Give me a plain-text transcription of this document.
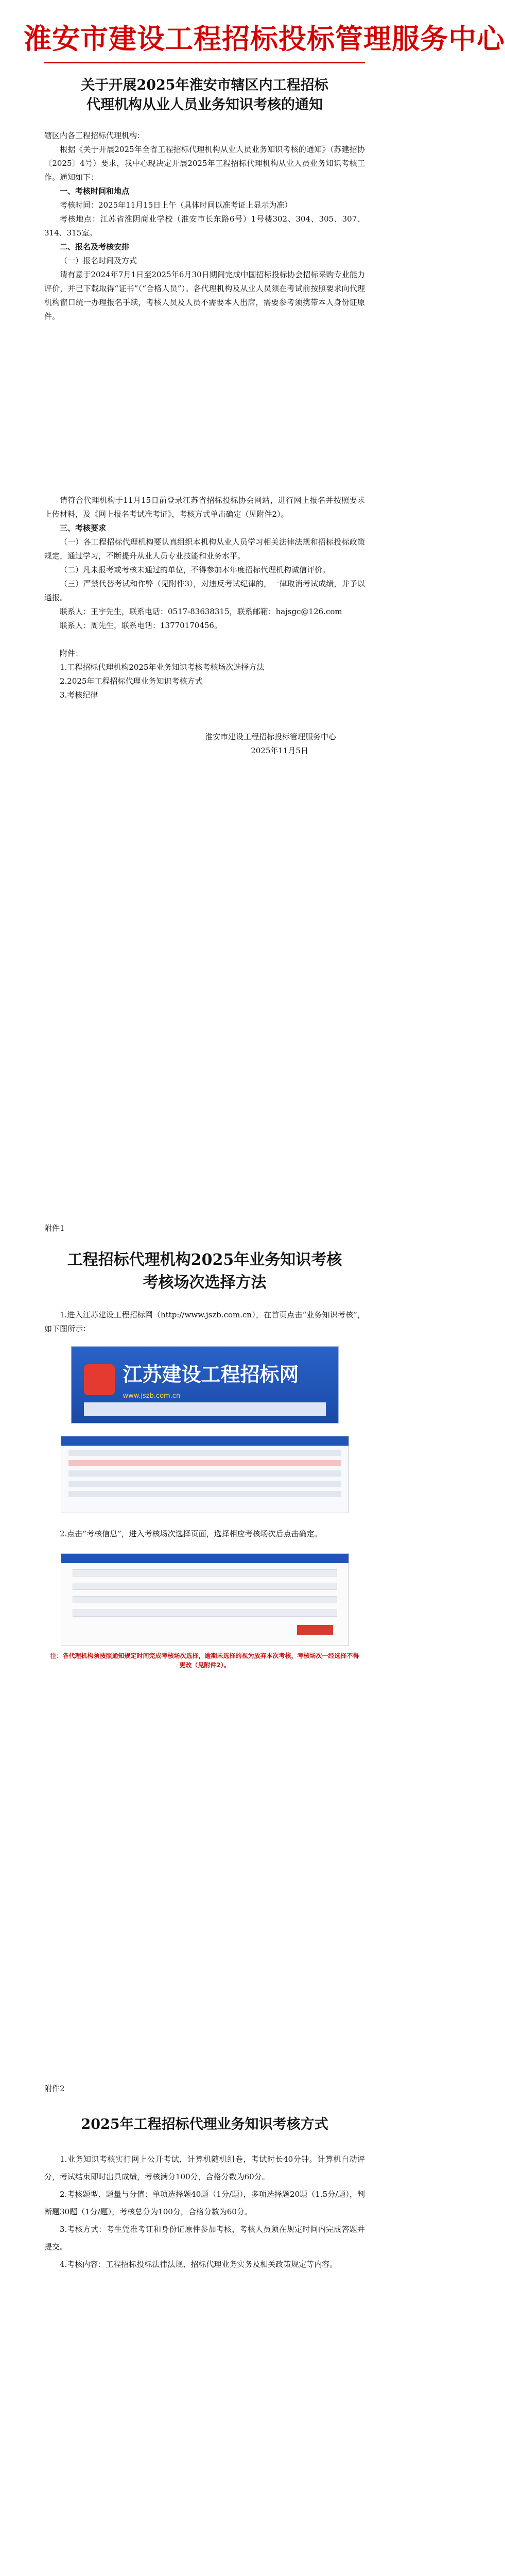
淮安市建设工程招标投标管理服务中心
关于开展2025年淮安市辖区内工程招标
代理机构从业人员业务知识考核的通知
辖区内各工程招标代理机构：
根据《关于开展2025年全省工程招标代理机构从业人员业务知识考核的通知》（苏建招协〔2025〕4号）要求，我中心现决定开展2025年工程招标代理机构从业人员业务知识考核工作。通知如下：
一、考核时间和地点
考核时间：2025年11月15日上午（具体时间以准考证上显示为准）
考核地点：江苏省淮阴商业学校（淮安市长东路6号）1号楼302、304、305、307、314、315室。
二、报名及考核安排
（一）报名时间及方式
请有意于2024年7月1日至2025年6月30日期间完成中国招标投标协会招标采购专业能力评价，并已下载取得“证书”（“合格人员”）。各代理机构及从业人员须在考试前按照要求向代理机构窗口统一办理报名手续，考核人员及人员不需要本人出席，需要参考须携带本人身份证原件。
请符合代理机构于11月15日前登录江苏省招标投标协会网站，进行网上报名并按照要求上传材料，及《网上报名考试准考证》，考核方式单击确定（见附件2）。
三、考核要求
（一）各工程招标代理机构要认真组织本机构从业人员学习相关法律法规和招标投标政策规定，通过学习，不断提升从业人员专业技能和业务水平。
（二）凡未报考或考核未通过的单位，不得参加本年度招标代理机构诚信评价。
（三）严禁代替考试和作弊（见附件3），对违反考试纪律的，一律取消考试成绩，并予以通报。
联系人：王宇先生，联系电话：0517-83638315，联系邮箱：hajsgc@126.com
联系人：周先生，联系电话：13770170456。
附件：
1.工程招标代理机构2025年业务知识考核考核场次选择方法
2.2025年工程招标代理业务知识考核方式
3.考核纪律
淮安市建设工程招标投标管理服务中心
2025年11月5日
附件1
工程招标代理机构2025年业务知识考核
考核场次选择方法
1.进入江苏建设工程招标网（http://www.jszb.com.cn），在首页点击“业务知识考核”，如下图所示：
江苏建设工程招标网
www.jszb.com.cn
2.点击“考核信息”，进入考核场次选择页面，选择相应考核场次后点击确定。
注：各代理机构须按照通知规定时间完成考核场次选择，逾期未选择的视为放弃本次考核，考核场次一经选择不得更改（见附件2）。
附件2
2025年工程招标代理业务知识考核方式
1.业务知识考核实行网上公开考试，计算机随机组卷，考试时长40分钟。计算机自动评分，考试结束即时出具成绩，考核满分100分，合格分数为60分。
2.考核题型、题量与分值：单项选择题40题（1分/题），多项选择题20题（1.5分/题），判断题30题（1分/题），考核总分为100分，合格分数为60分。
3.考核方式：考生凭准考证和身份证原件参加考核，考核人员须在规定时间内完成答题并提交。
4.考核内容：工程招标投标法律法规、招标代理业务实务及相关政策规定等内容。
